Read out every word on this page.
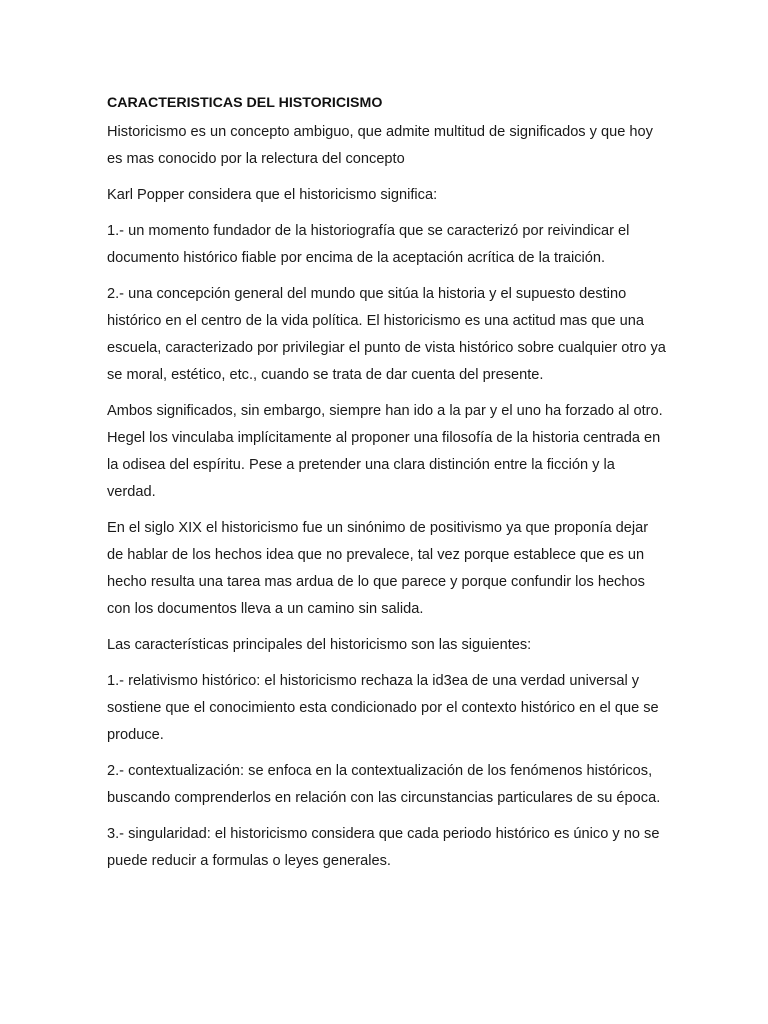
CARACTERISTICAS DEL HISTORICISMO

Historicismo es un concepto ambiguo, que admite multitud de significados y que hoy es mas conocido por la relectura del concepto

Karl Popper considera que el historicismo significa:

1.- un momento fundador de la historiografía que se caracterizó por reivindicar el documento histórico fiable por encima de la aceptación acrítica de la traición.

2.- una concepción general del mundo que sitúa la historia y el supuesto destino histórico en el centro de la vida política. El historicismo es una actitud mas que una escuela, caracterizado por privilegiar el punto de vista histórico sobre cualquier otro ya se moral, estético, etc., cuando se trata de dar cuenta del presente.

Ambos significados, sin embargo, siempre han ido a la par y el uno ha forzado al otro. Hegel los vinculaba implícitamente al proponer una filosofía de la historia centrada en la odisea del espíritu. Pese a pretender una clara distinción entre la ficción y la verdad.

En el siglo XIX el historicismo fue un sinónimo de positivismo ya que proponía dejar de hablar de los hechos idea que no prevalece, tal vez porque establece que es un hecho resulta una tarea mas ardua de lo que parece y porque confundir los hechos con los documentos lleva a un camino sin salida.

Las características principales del historicismo son las siguientes:

1.- relativismo histórico: el historicismo rechaza la id3ea de una verdad universal y sostiene que el conocimiento esta condicionado por el contexto histórico en el que se produce.

2.- contextualización: se enfoca en la contextualización de los fenómenos históricos, buscando comprenderlos en relación con las circunstancias particulares de su época.

3.- singularidad: el historicismo considera que cada periodo histórico es único y no se puede reducir a formulas o leyes generales.
